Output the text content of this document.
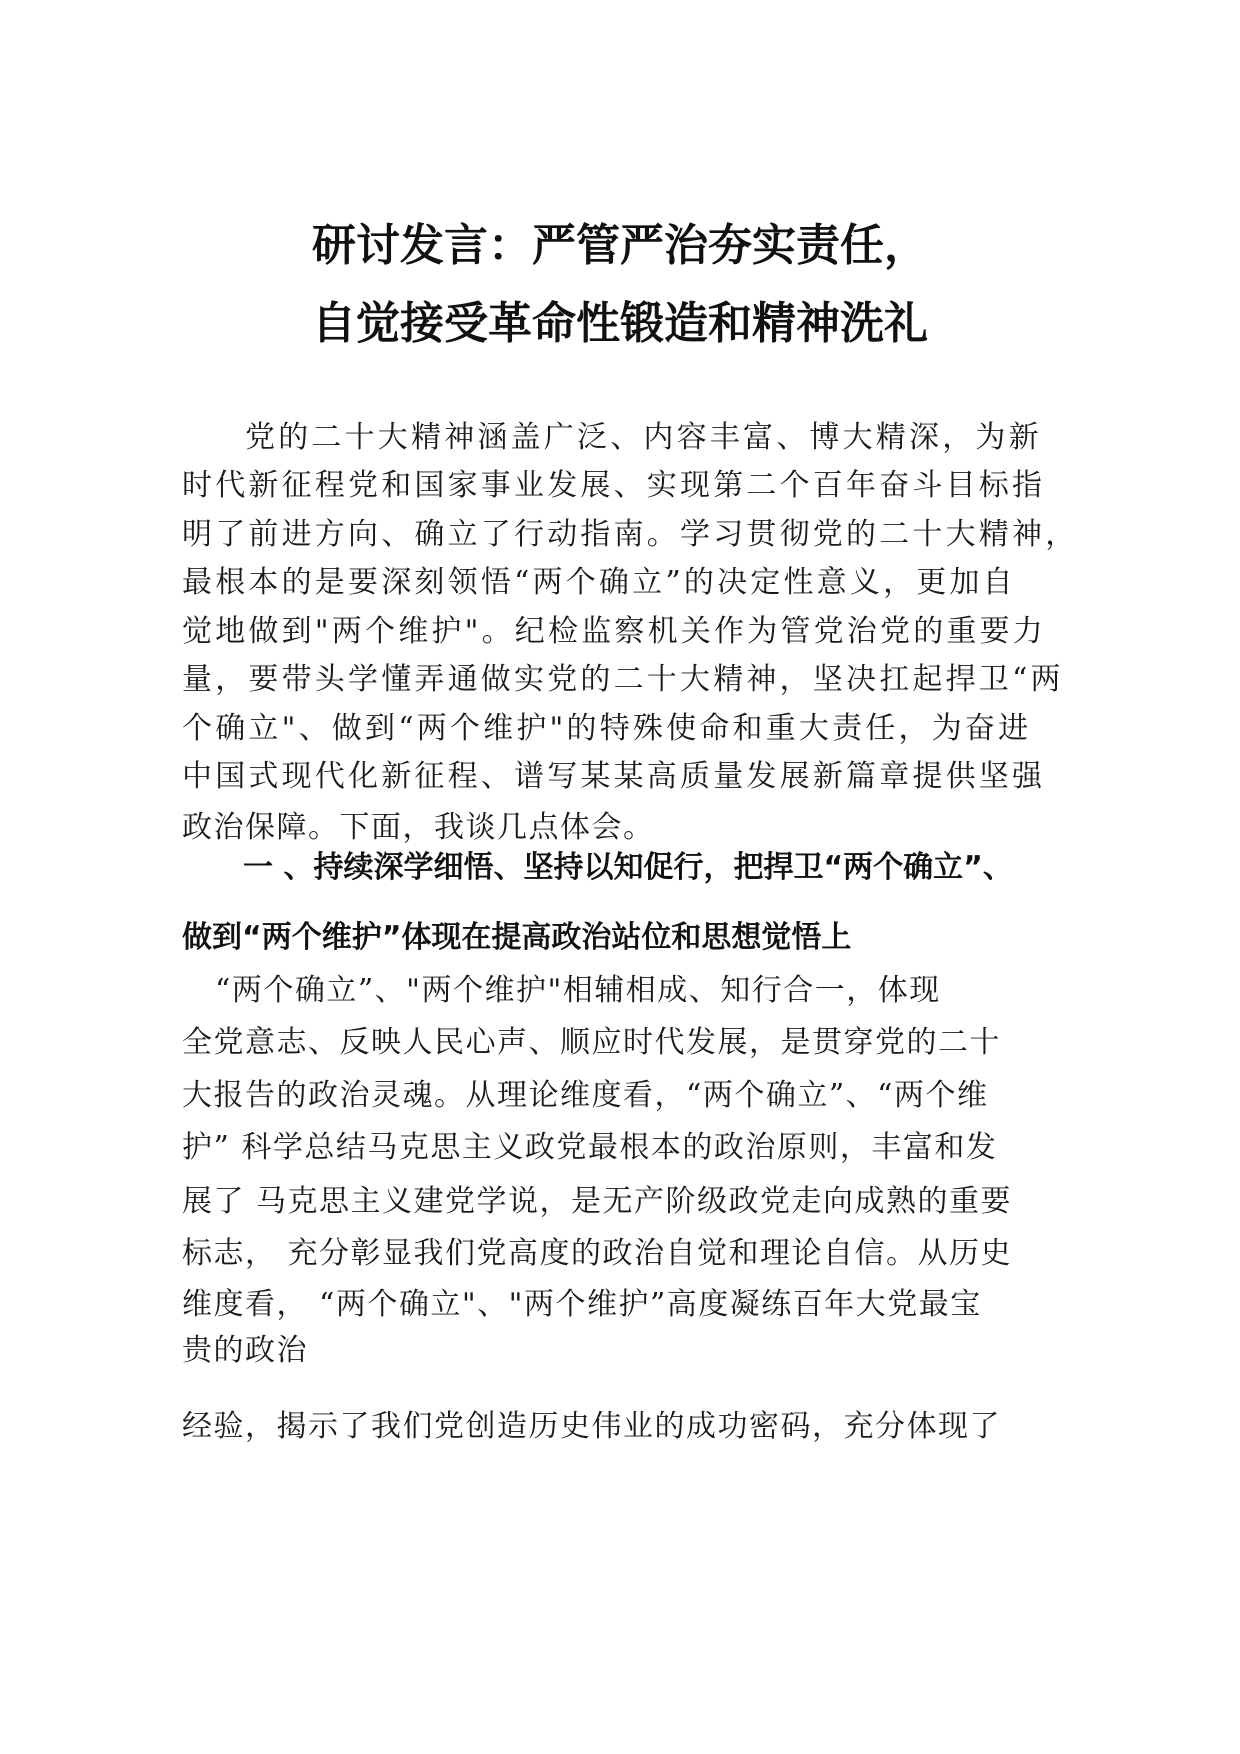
研讨发言：严管严治夯实责任，
自觉接受革命性锻造和精神洗礼

党的二十大精神涵盖广泛、内容丰富、博大精深，为新

时代新征程党和国家事业发展、实现第二个百年奋斗目标指

明了前进方向、确立了行动指南。学习贯彻党的二十大精神，

最根本的是要深刻领悟“两个确立”的决定性意义，更加自

觉地做到"两个维护"。纪检监察机关作为管党治党的重要力

量，要带头学懂弄通做实党的二十大精神，坚决扛起捍卫“两

个确立"、做到“两个维护"的特殊使命和重大责任，为奋进

中国式现代化新征程、谱写某某高质量发展新篇章提供坚强

政治保障。下面，我谈几点体会。

一 、持续深学细悟、坚持以知促行，把捍卫“两个确立”、

做到“两个维护”体现在提高政治站位和思想觉悟上

“两个确立”、"两个维护"相辅相成、知行合一，体现

全党意志、反映人民心声、顺应时代发展，是贯穿党的二十

大报告的政治灵魂。从理论维度看，“两个确立”、“两个维

护” 科学总结马克思主义政党最根本的政治原则，丰富和发

展了 马克思主义建党学说，是无产阶级政党走向成熟的重要

标志， 充分彰显我们党高度的政治自觉和理论自信。从历史

维度看， “两个确立"、"两个维护”高度凝练百年大党最宝

贵的政治

经验，揭示了我们党创造历史伟业的成功密码，充分体现了
